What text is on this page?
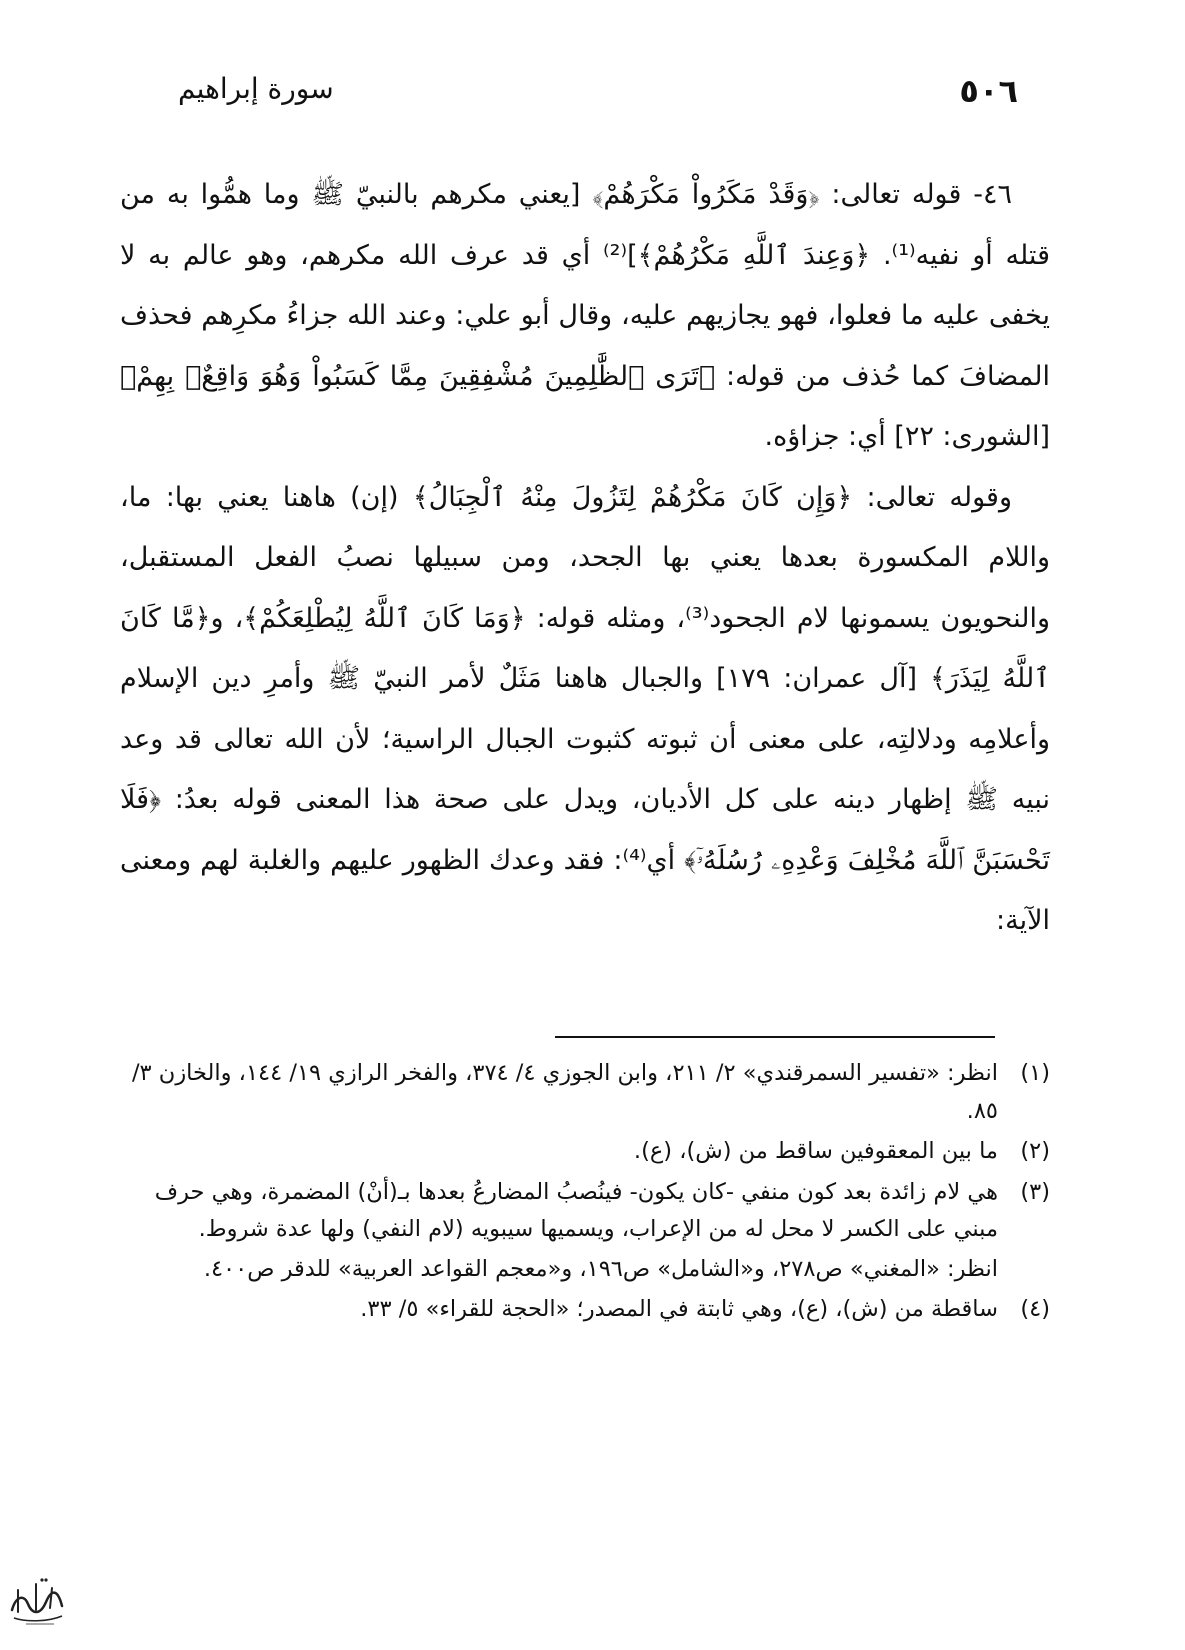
٥٠٦
سورة إبراهيم

٤٦- قوله تعالى: ﴿وَقَدْ مَكَرُواْ مَكْرَهُمْ﴾ [يعني مكرهم بالنبيّ ﷺ وما همُّوا به من قتله أو نفيه⁽¹⁾. ﴿وَعِندَ ٱللَّهِ مَكْرُهُمْ﴾]⁽²⁾ أي قد عرف الله مكرهم، وهو عالم به لا يخفى عليه ما فعلوا، فهو يجازيهم عليه، وقال أبو علي: وعند الله جزاءُ مكرِهم فحذف المضافَ كما حُذف من قوله: ﴿تَرَى ٱلظَّٰلِمِينَ مُشْفِقِينَ مِمَّا كَسَبُواْ وَهُوَ وَاقِعٌۢ بِهِمْ﴾ [الشورى: ٢٢] أي: جزاؤه.

وقوله تعالى: ﴿وَإِن كَانَ مَكْرُهُمْ لِتَزُولَ مِنْهُ ٱلْجِبَالُ﴾ (إن) هاهنا يعني بها: ما، واللام المكسورة بعدها يعني بها الجحد، ومن سبيلها نصبُ الفعل المستقبل، والنحويون يسمونها لام الجحود⁽³⁾، ومثله قوله: ﴿وَمَا كَانَ ٱللَّهُ لِيُطْلِعَكُمْ﴾، و﴿مَّا كَانَ ٱللَّهُ لِيَذَرَ﴾ [آل عمران: ١٧٩] والجبال هاهنا مَثَلٌ لأمر النبيّ ﷺ وأمرِ دين الإسلام وأعلامِه ودلالتِه، على معنى أن ثبوته كثبوت الجبال الراسية؛ لأن الله تعالى قد وعد نبيه ﷺ إظهار دينه على كل الأديان، ويدل على صحة هذا المعنى قوله بعدُ: ﴿فَلَا تَحْسَبَنَّ ٱللَّهَ مُخْلِفَ وَعْدِهِۦ رُسُلَهُۥٓ﴾ أي⁽⁴⁾: فقد وعدك الظهور عليهم والغلبة لهم ومعنى الآية:

(١)
انظر: «تفسير السمرقندي» ٢/ ٢١١، وابن الجوزي ٤/ ٣٧٤، والفخر الرازي ١٩/ ١٤٤، والخازن ٣/ ٨٥.
(٢)
ما بين المعقوفين ساقط من (ش)، (ع).
(٣)
هي لام زائدة بعد كون منفي -كان يكون- فينُصبُ المضارعُ بعدها بـ(أنْ) المضمرة، وهي حرف مبني على الكسر لا محل له من الإعراب، ويسميها سيبويه (لام النفي) ولها عدة شروط.
انظر: «المغني» ص٢٧٨، و«الشامل» ص١٩٦، و«معجم القواعد العربية» للدقر ص٤٠٠.
(٤)
ساقطة من (ش)، (ع)، وهي ثابتة في المصدر؛ «الحجة للقراء» ٥/ ٣٣.
